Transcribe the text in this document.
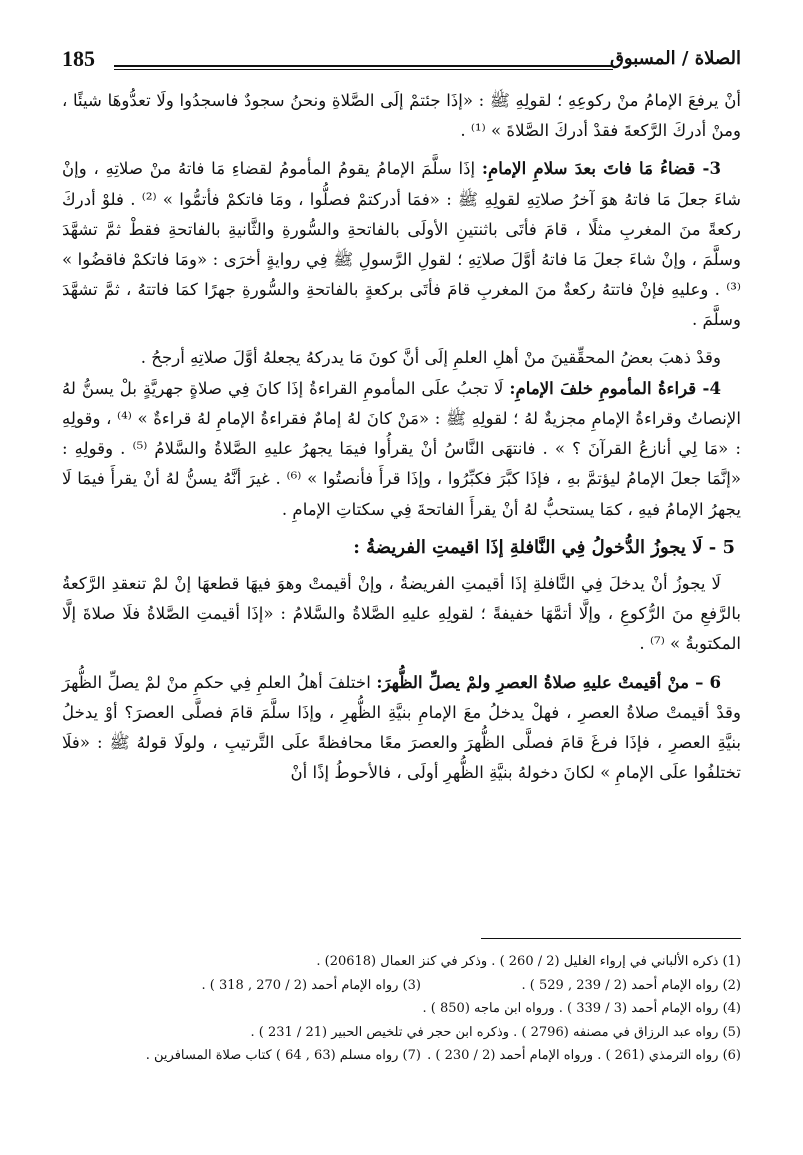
الصلاة / المسبوق
185

أنْ يرفعَ الإمامُ منْ ركوعِهِ ؛ لقولِهِ ﷺ : «إذَا جئتمْ إلَى الصَّلاةِ ونحنُ سجودٌ فاسجدُوا ولَا تعدُّوهَا شيئًا ، ومنْ أدركَ الرَّكعةَ فقدْ أدركَ الصَّلاةَ » ⁽¹⁾ .

3- قضاءُ مَا فاتَ بعدَ سلامِ الإمامِ: إذَا سلَّمَ الإمامُ يقومُ المأمومُ لقضاءِ مَا فاتهُ منْ صلاتِهِ ، وإنْ شاءَ جعلَ مَا فاتهُ هوَ آخرُ صلاتِهِ لقولِهِ ﷺ : «فمَا أدركتمْ فصلُّوا ، ومَا فاتكمْ فأتمُّوا » ⁽²⁾ . فلوْ أدركَ ركعةً منَ المغربِ مثلًا ، قامَ فأتَى باثنتينِ الأولَى بالفاتحةِ والسُّورةِ والثَّانيةِ بالفاتحةِ فقطْ ثمَّ تشهَّدَ وسلَّمَ ، وإنْ شاءَ جعلَ مَا فاتهُ أوَّلَ صلاتِهِ ؛ لقولِ الرَّسولِ ﷺ فِي روايةٍ أخرَى : «ومَا فاتكمْ فاقضُوا » ⁽³⁾ . وعليهِ فإنْ فاتتهُ ركعةٌ منَ المغربِ قامَ فأتَى بركعةٍ بالفاتحةِ والسُّورةِ جهرًا كمَا فاتتهُ ، ثمَّ تشهَّدَ وسلَّمَ .

وقدْ ذهبَ بعضُ المحقِّقينَ منْ أهلِ العلمِ إلَى أنَّ كونَ مَا يدركهُ يجعلهُ أوَّلَ صلاتِهِ أرجحُ .

4- قراءةُ المأمومِ خلفَ الإمامِ: لَا تجبُ علَى المأمومِ القراءةُ إذَا كانَ فِي صلاةٍ جهريَّةٍ بلْ يسنُّ لهُ الإنصاتُ وقراءةُ الإمامِ مجزيةٌ لهُ ؛ لقولِهِ ﷺ : «مَنْ كانَ لهُ إمامٌ فقراءةُ الإمامِ لهُ قراءةٌ » ⁽⁴⁾ ، وقولِهِ : «مَا لِي أنازعُ القرآنَ ؟ » . فانتهَى النَّاسُ أنْ يقرأُوا فيمَا يجهرُ عليهِ الصَّلاةُ والسَّلامُ ⁽⁵⁾ . وقولِهِ : «إنَّمَا جعلَ الإمامُ ليؤتمَّ بهِ ، فإذَا كبَّرَ فكبِّرُوا ، وإذَا قرأَ فأنصتُوا » ⁽⁶⁾ . غيرَ أنَّهُ يسنُّ لهُ أنْ يقرأَ فيمَا لَا يجهرُ الإمامُ فيهِ ، كمَا يستحبُّ لهُ أنْ يقرأَ الفاتحةَ فِي سكتاتِ الإمامِ .

5 - لَا يجوزُ الدُّخولُ فِي النَّافلةِ إذَا اقيمتِ الفريضةُ :

لَا يجوزُ أنْ يدخلَ فِي النَّافلةِ إذَا أقيمتِ الفريضةُ ، وإنْ أقيمتْ وهوَ فيهَا قطعهَا إنْ لمْ تنعقدِ الرَّكعةُ بالرَّفعِ منَ الرُّكوعِ ، وإلَّا أتمَّهَا خفيفةً ؛ لقولِهِ عليهِ الصَّلاةُ والسَّلامُ : «إذَا أقيمتِ الصَّلاةُ فلَا صلاةَ إلَّا المكتوبةُ » ⁽⁷⁾ .

6 – منْ أقيمتْ عليهِ صلاةُ العصرِ ولمْ يصلِّ الظُّهرَ: اختلفَ أهلُ العلمِ فِي حكمِ منْ لمْ يصلِّ الظُّهرَ وقدْ أقيمتْ صلاةُ العصرِ ، فهلْ يدخلُ معَ الإمامِ بنيَّةِ الظُّهرِ ، وإذَا سلَّمَ قامَ فصلَّى العصرَ؟ أوْ يدخلُ بنيَّةِ العصرِ ، فإذَا فرغَ قامَ فصلَّى الظُّهرَ والعصرَ معًا محافظةً علَى التَّرتيبِ ، ولولَا قولهُ ﷺ : «فلَا تختلفُوا علَى الإمامِ » لكانَ دخولهُ بنيَّةِ الظُّهرِ أولَى ، فالأحوطُ إذًا أنْ

(1) ذكره الألباني في إرواء الغليل (2 / 260 ) . وذكر في كنز العمال (20618) .
(2) رواه الإمام أحمد (2 / 239 , 529 ) .
(3) رواه الإمام أحمد (2 / 270 , 318 ) .
(4) رواه الإمام أحمد (3 / 339 ) . ورواه ابن ماجه (850 ) .
(5) رواه عبد الرزاق في مصنفه (2796 ) . وذكره ابن حجر في تلخيص الحبير (21 / 231 ) .
(6) رواه الترمذي (261 ) . ورواه الإمام أحمد (2 / 230 ) .
(7) رواه مسلم (63 , 64 ) كتاب صلاة المسافرين .
